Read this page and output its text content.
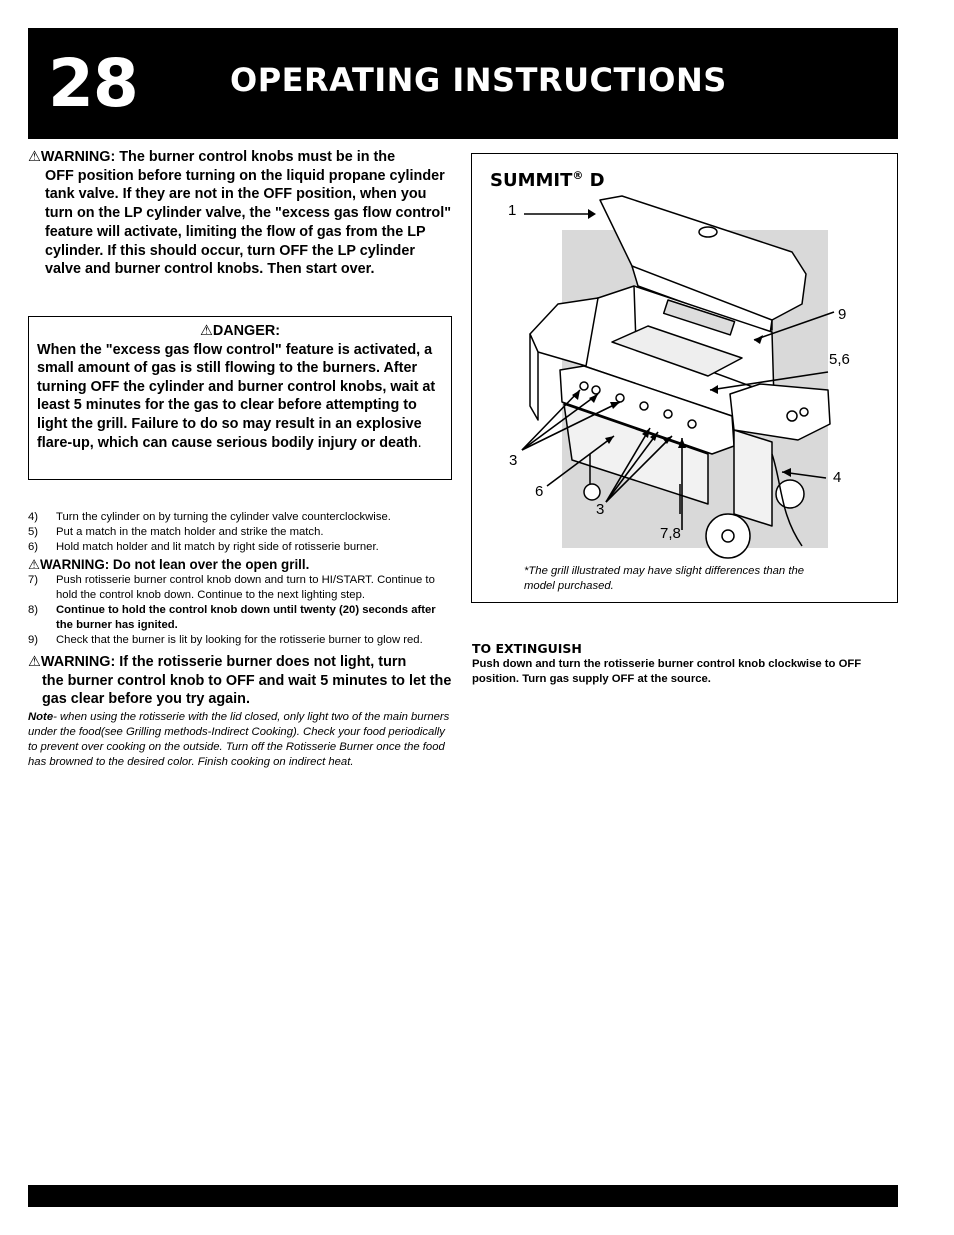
28	OPERATING INSTRUCTIONS
⚠WARNING: The burner control knobs must be in the
OFF position before turning on the liquid propane cylinder tank valve. If they are not in the OFF position, when you turn on the LP cylinder valve, the "excess gas flow control" feature will activate, limiting the flow of gas from the LP cylinder. If this should occur, turn OFF the LP cylinder valve and burner control knobs. Then start over.
⚠DANGER:
When the "excess gas flow control" feature is activated, a small amount of gas is still flowing to the burners. After turning OFF the cylinder and burner control knobs, wait at least 5 minutes for the gas to clear before attempting to light the grill. Failure to do so may result in an explosive flare-up, which can cause serious bodily injury or death.
4)	Turn the cylinder on by turning the cylinder valve counterclockwise.
5)	Put a match in the match holder and strike the match.
6)	Hold match holder and lit match by right side of rotisserie burner.
⚠WARNING: Do not lean over the open grill.
7)	Push rotisserie burner control knob down and turn to HI/START. Continue to hold the control knob down. Continue to the next lighting step.
8)	Continue to hold the control knob down until twenty (20) seconds after the burner has ignited.
9)	Check that the burner is lit by looking for the rotisserie burner to glow red.
⚠WARNING: If the rotisserie burner does not light, turn
the burner control knob to OFF and wait 5 minutes to let the gas clear before you try again.
Note- when using the rotisserie with the lid closed, only light two of the main burners under the food(see Grilling methods-Indirect Cooking). Check your food periodically to prevent over cooking on the outside. Turn off the Rotisserie Burner once the food has browned to the desired color. Finish cooking on indirect heat.
SUMMIT® D
1
9
5,6
3
4
6
3
7,8
*The grill illustrated may have slight differences than the model purchased.
TO EXTINGUISH

Push down and turn the rotisserie burner control knob clockwise to OFF position. Turn gas supply OFF at the source.
